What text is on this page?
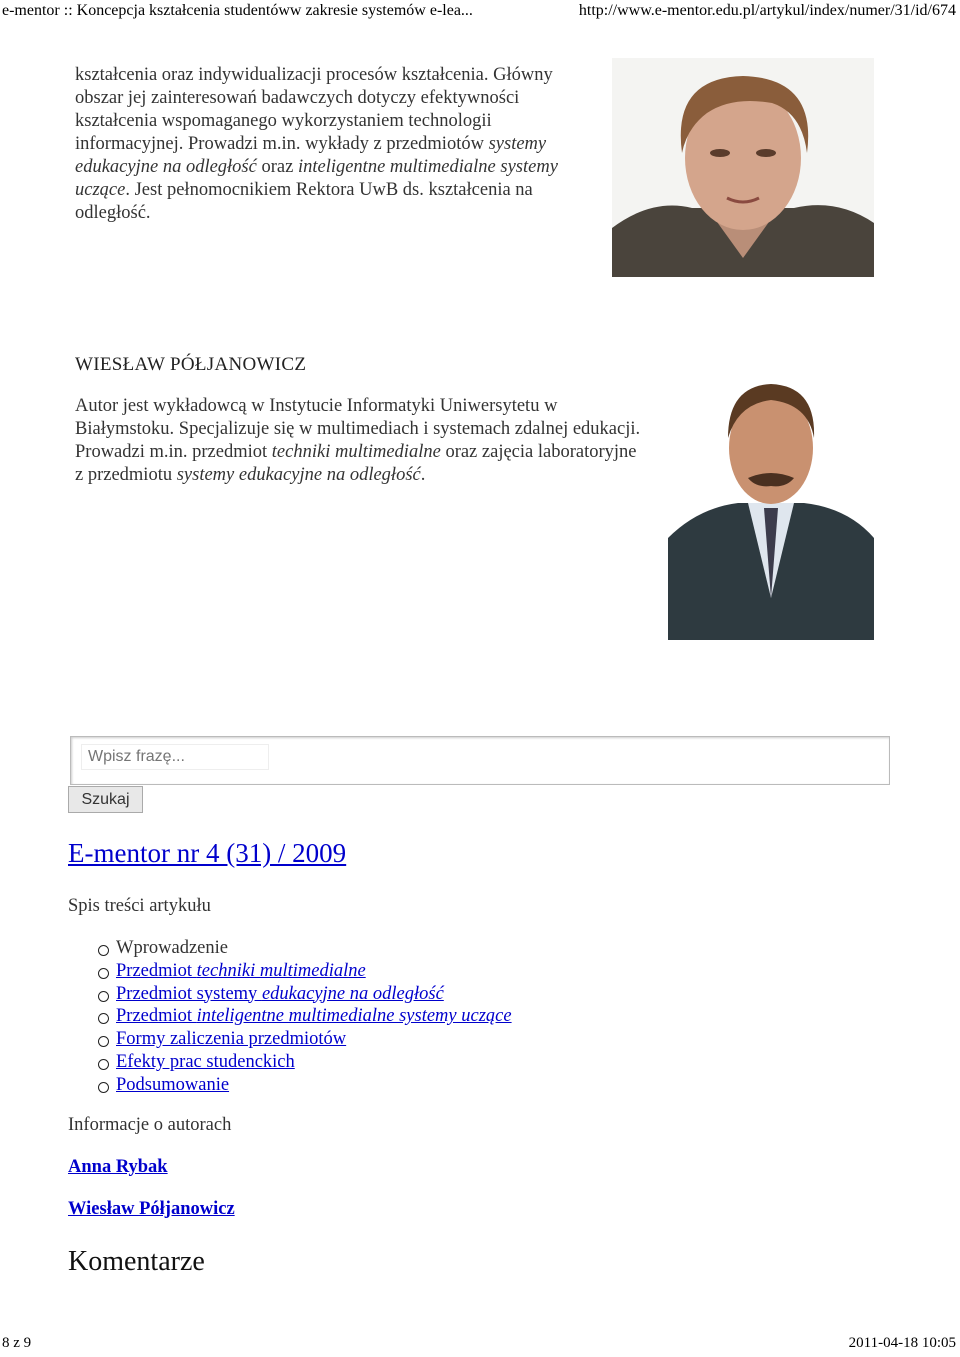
e-mentor :: Koncepcja kształcenia studentóww zakresie systemów e-lea...	http://www.e-mentor.edu.pl/artykul/index/numer/31/id/674
kształcenia oraz indywidualizacji procesów kształcenia. Główny obszar jej zainteresowań badawczych dotyczy efektywności kształcenia wspomaganego wykorzystaniem technologii informacyjnej. Prowadzi m.in. wykłady z przedmiotów systemy edukacyjne na odległość oraz inteligentne multimedialne systemy uczące. Jest pełnomocnikiem Rektora UwB ds. kształcenia na odległość.
WIESŁAW PÓŁJANOWICZ
Autor jest wykładowcą w Instytucie Informatyki Uniwersytetu w Białymstoku. Specjalizuje się w multimediach i systemach zdalnej edukacji. Prowadzi m.in. przedmiot techniki multimedialne oraz zajęcia laboratoryjne z przedmiotu systemy edukacyjne na odległość.
Wpisz frazę...
Szukaj
E-mentor nr 4 (31) / 2009
Spis treści artykułu
Wprowadzenie
Przedmiot techniki multimedialne
Przedmiot systemy edukacyjne na odległość
Przedmiot inteligentne multimedialne systemy uczące
Formy zaliczenia przedmiotów
Efekty prac studenckich
Podsumowanie
Informacje o autorach
Anna Rybak
Wiesław Półjanowicz
Komentarze
8 z 9	2011-04-18 10:05
